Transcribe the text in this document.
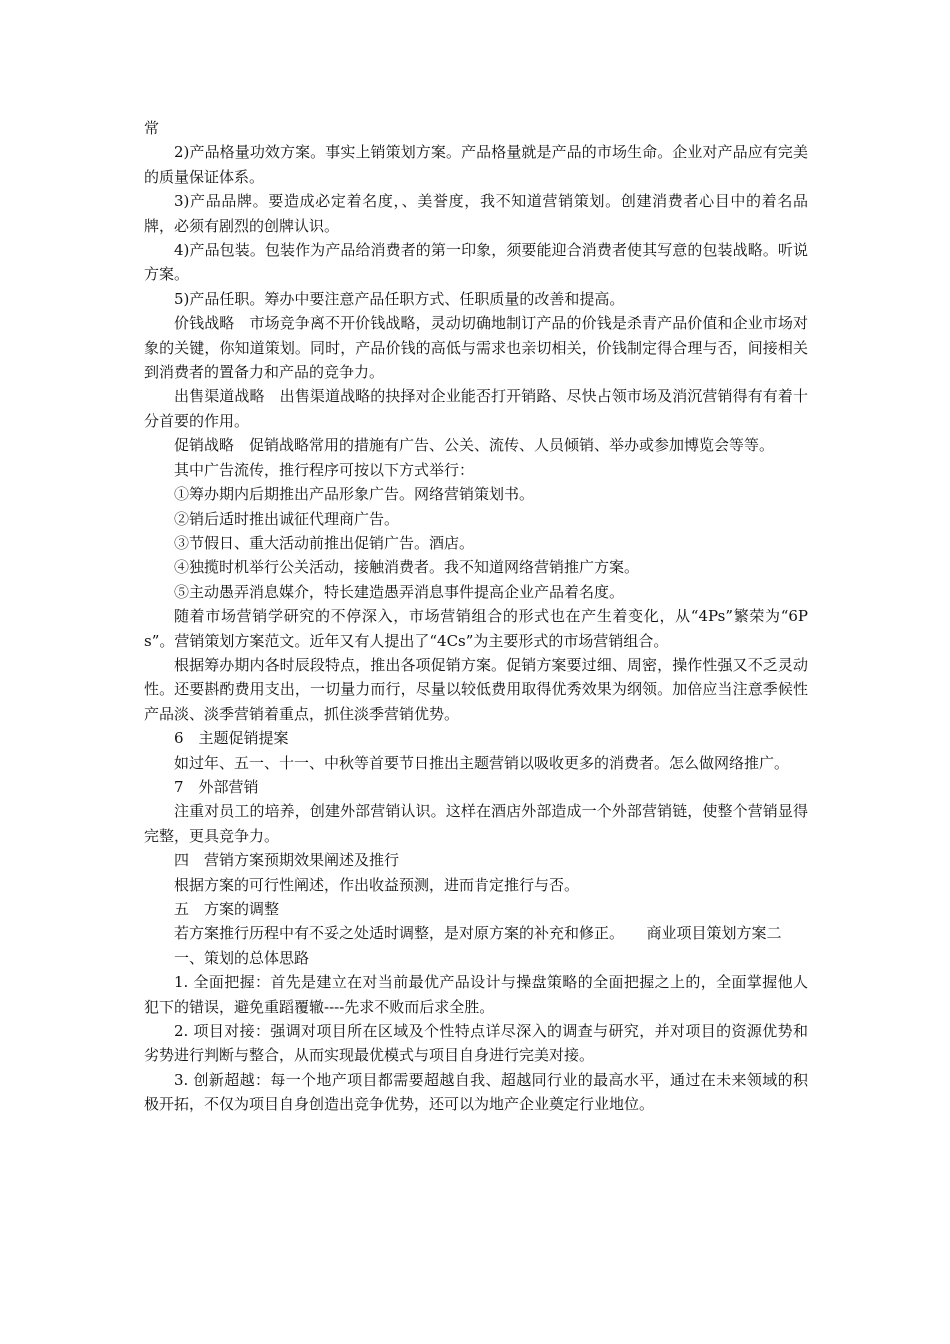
常

2)产品格量功效方案。事实上销策划方案。产品格量就是产品的市场生命。企业对产品应有完美的质量保证体系。

3)产品品牌。要造成必定着名度，、美誉度，我不知道营销策划。创建消费者心目中的着名品牌，必须有剧烈的创牌认识。

4)产品包装。包装作为产品给消费者的第一印象，须要能迎合消费者使其写意的包装战略。听说方案。

5)产品任职。筹办中要注意产品任职方式、任职质量的改善和提高。

价钱战略　市场竞争离不开价钱战略，灵动切确地制订产品的价钱是杀青产品价值和企业市场对象的关键，你知道策划。同时，产品价钱的高低与需求也亲切相关，价钱制定得合理与否，间接相关到消费者的置备力和产品的竞争力。

出售渠道战略　出售渠道战略的抉择对企业能否打开销路、尽快占领市场及消沉营销得有有着十分首要的作用。

促销战略　促销战略常用的措施有广告、公关、流传、人员倾销、举办或参加博览会等等。

其中广告流传，推行程序可按以下方式举行：

①筹办期内后期推出产品形象广告。网络营销策划书。

②销后适时推出诚征代理商广告。

③节假日、重大活动前推出促销广告。酒店。

④独揽时机举行公关活动，接触消费者。我不知道网络营销推广方案。

⑤主动愚弄消息媒介，特长建造愚弄消息事件提高企业产品着名度。

随着市场营销学研究的不停深入，市场营销组合的形式也在产生着变化，从“4Ps”繁荣为“6Ps”。营销策划方案范文。近年又有人提出了“4Cs”为主要形式的市场营销组合。

根据筹办期内各时辰段特点，推出各项促销方案。促销方案要过细、周密，操作性强又不乏灵动性。还要斟酌费用支出，一切量力而行，尽量以较低费用取得优秀效果为纲领。加倍应当注意季候性产品淡、淡季营销着重点，抓住淡季营销优势。

6　主题促销提案

如过年、五一、十一、中秋等首要节日推出主题营销以吸收更多的消费者。怎么做网络推广。

7　外部营销

注重对员工的培养，创建外部营销认识。这样在酒店外部造成一个外部营销链，使整个营销显得完整，更具竞争力。

四　营销方案预期效果阐述及推行

根据方案的可行性阐述，作出收益预测，进而肯定推行与否。

五　方案的调整

若方案推行历程中有不妥之处适时调整，是对原方案的补充和修正。　　商业项目策划方案二

一、策划的总体思路

1. 全面把握：首先是建立在对当前最优产品设计与操盘策略的全面把握之上的，全面掌握他人犯下的错误，避免重蹈覆辙----先求不败而后求全胜。

2. 项目对接：强调对项目所在区域及个性特点详尽深入的调查与研究，并对项目的资源优势和劣势进行判断与整合，从而实现最优模式与项目自身进行完美对接。

3. 创新超越：每一个地产项目都需要超越自我、超越同行业的最高水平，通过在未来领域的积极开拓，不仅为项目自身创造出竞争优势，还可以为地产企业奠定行业地位。
